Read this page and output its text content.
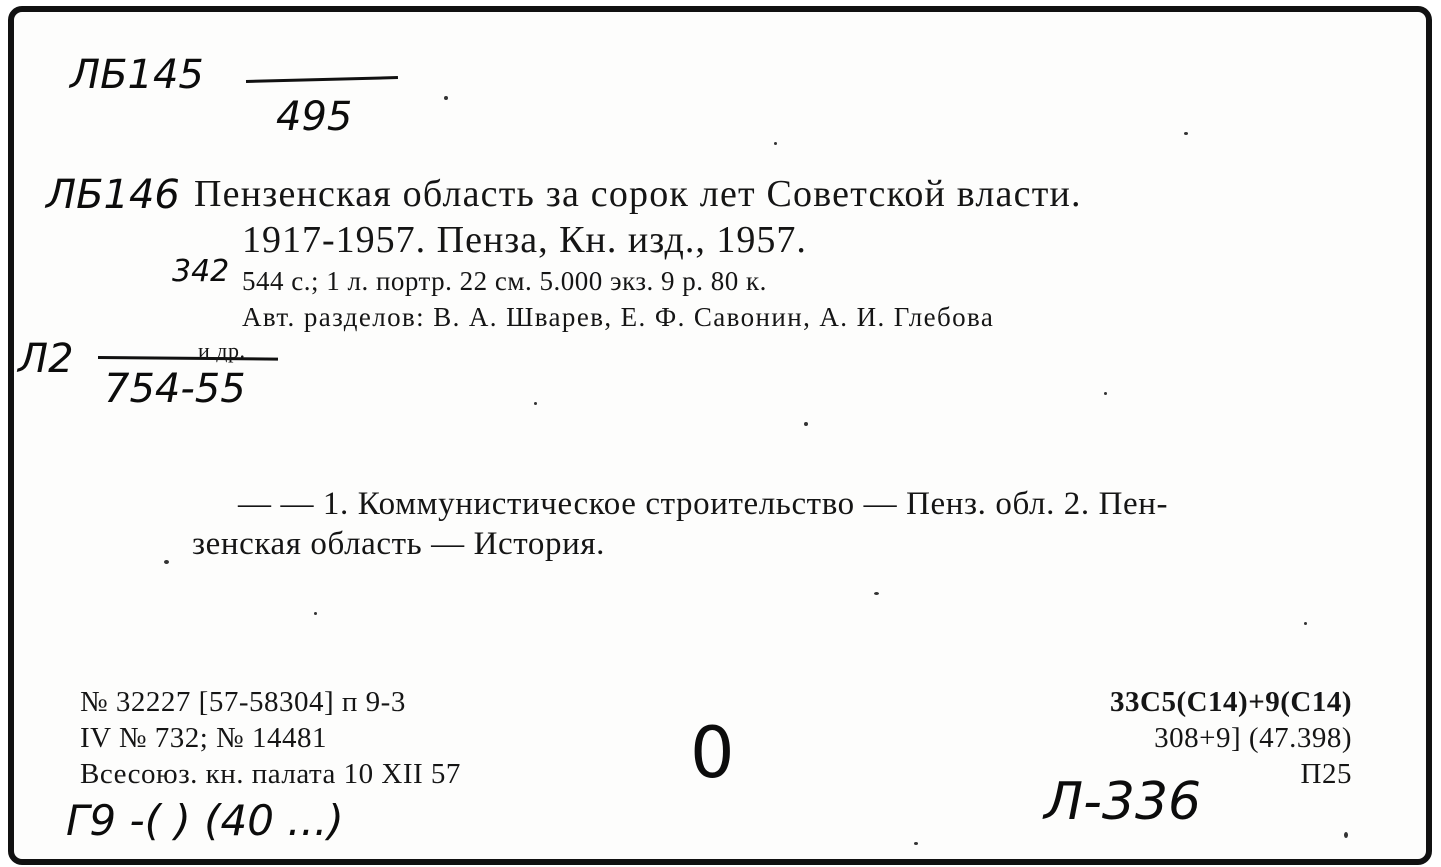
ЛБ145
495
ЛБ146
342
Л2
754-55
Пензенская область за сорок лет Советской власти.
1917-1957. Пенза, Кн. изд., 1957.
544 с.; 1 л. портр. 22 см. 5.000 экз. 9 р. 80 к.
Авт. разделов: В. А. Шварев, Е. Ф. Савонин, А. И. Глебова
и др.
— — 1. Коммунистическое строительство — Пенз. обл. 2. Пен-
зенская область — История.
№ 32227 [57-58304] п 9-3
IV № 732; № 14481
Всесоюз. кн. палата 10 XII 57
33С5(С14)+9(С14)
308+9] (47.398)
П25
Г9 -( ) (40 ...)
0
Л-336
